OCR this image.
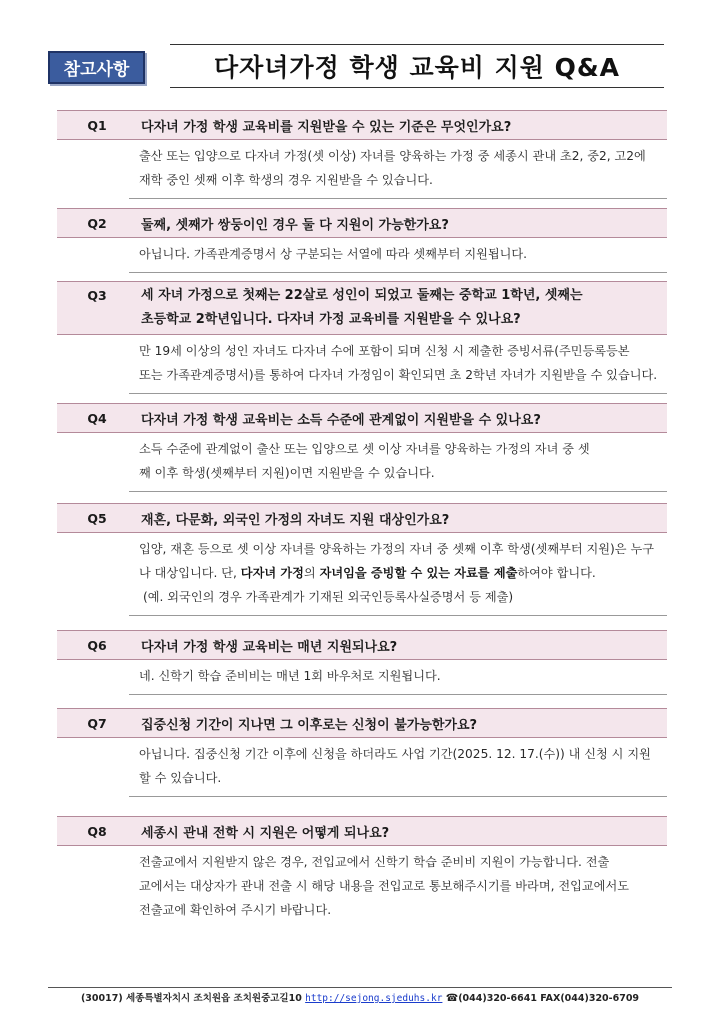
참고사항	다자녀가정 학생 교육비 지원 Q&A
Q1	다자녀 가정 학생 교육비를 지원받을 수 있는 기준은 무엇인가요?
출산 또는 입양으로 다자녀 가정(셋 이상) 자녀를 양육하는 가정 중 세종시 관내 초2, 중2, 고2에
재학 중인 셋째 이후 학생의 경우 지원받을 수 있습니다.
Q2	둘째, 셋째가 쌍둥이인 경우 둘 다 지원이 가능한가요?
아닙니다. 가족관계증명서 상 구분되는 서열에 따라 셋째부터 지원됩니다.
Q3	세 자녀 가정으로 첫째는 22살로 성인이 되었고 둘째는 중학교 1학년, 셋째는
초등학교 2학년입니다. 다자녀 가정 교육비를 지원받을 수 있나요?
만 19세 이상의 성인 자녀도 다자녀 수에 포함이 되며 신청 시 제출한 증빙서류(주민등록등본
또는 가족관계증명서)를 통하여 다자녀 가정임이 확인되면 초 2학년 자녀가 지원받을 수 있습니다.
Q4	다자녀 가정 학생 교육비는 소득 수준에 관계없이 지원받을 수 있나요?
소득 수준에 관계없이 출산 또는 입양으로 셋 이상 자녀를 양육하는 가정의 자녀 중 셋
째 이후 학생(셋째부터 지원)이면 지원받을 수 있습니다.
Q5	재혼, 다문화, 외국인 가정의 자녀도 지원 대상인가요?
입양, 재혼 등으로 셋 이상 자녀를 양육하는 가정의 자녀 중 셋째 이후 학생(셋째부터 지원)은 누구
나 대상입니다. 단, 다자녀 가정의 자녀임을 증빙할 수 있는 자료를 제출하여야 합니다.
(예. 외국인의 경우 가족관계가 기재된 외국인등록사실증명서 등 제출)
Q6	다자녀 가정 학생 교육비는 매년 지원되나요?
네. 신학기 학습 준비비는 매년 1회 바우처로 지원됩니다.
Q7	집중신청 기간이 지나면 그 이후로는 신청이 불가능한가요?
아닙니다. 집중신청 기간 이후에 신청을 하더라도 사업 기간(2025. 12. 17.(수)) 내 신청 시 지원
할 수 있습니다.
Q8	세종시 관내 전학 시 지원은 어떻게 되나요?
전출교에서 지원받지 않은 경우, 전입교에서 신학기 학습 준비비 지원이 가능합니다. 전출
교에서는 대상자가 관내 전출 시 해당 내용을 전입교로 통보해주시기를 바라며, 전입교에서도
전출교에 확인하여 주시기 바랍니다.
(30017) 세종특별자치시 조치원읍 조치원중고길10 http://sejong.sjeduhs.kr ☎(044)320-6641 FAX(044)320-6709
